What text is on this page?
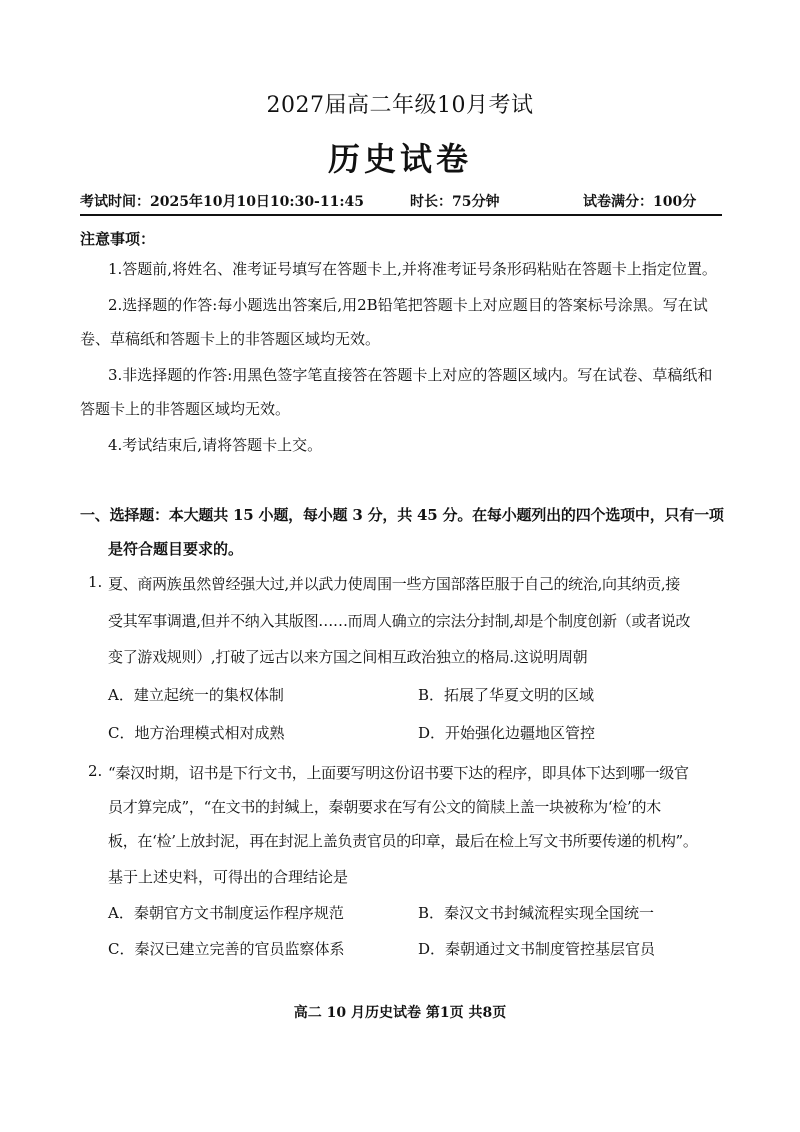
2027届高二年级10月考试
历史试卷
考试时间：2025年10月10日10:30-11:45	时长：75分钟	试卷满分：100分
注意事项：
1.答题前,将姓名、准考证号填写在答题卡上,并将准考证号条形码粘贴在答题卡上指定位置。
2.选择题的作答:每小题选出答案后,用2B铅笔把答题卡上对应题目的答案标号涂黑。写在试
卷、草稿纸和答题卡上的非答题区域均无效。
3.非选择题的作答:用黑色签字笔直接答在答题卡上对应的答题区域内。写在试卷、草稿纸和
答题卡上的非答题区域均无效。
4.考试结束后,请将答题卡上交。
一、选择题：本大题共 15 小题，每小题 3 分，共 45 分。在每小题列出的四个选项中，只有一项
是符合题目要求的。
1. 夏、商两族虽然曾经强大过,并以武力使周围一些方国部落臣服于自己的统治,向其纳贡,接
受其军事调遣,但并不纳入其版图……而周人确立的宗法分封制,却是个制度创新（或者说改
变了游戏规则）,打破了远古以来方国之间相互政治独立的格局.这说明周朝
A．建立起统一的集权体制	B．拓展了华夏文明的区域
C．地方治理模式相对成熟	D．开始强化边疆地区管控
2. “秦汉时期，诏书是下行文书，上面要写明这份诏书要下达的程序，即具体下达到哪一级官
员才算完成”，“在文书的封缄上，秦朝要求在写有公文的简牍上盖一块被称为‘检’的木
板，在‘检’上放封泥，再在封泥上盖负责官员的印章，最后在检上写文书所要传递的机构”。
基于上述史料，可得出的合理结论是
A．秦朝官方文书制度运作程序规范	B．秦汉文书封缄流程实现全国统一
C．秦汉已建立完善的官员监察体系	D．秦朝通过文书制度管控基层官员
高二 10 月历史试卷 第1页 共8页
